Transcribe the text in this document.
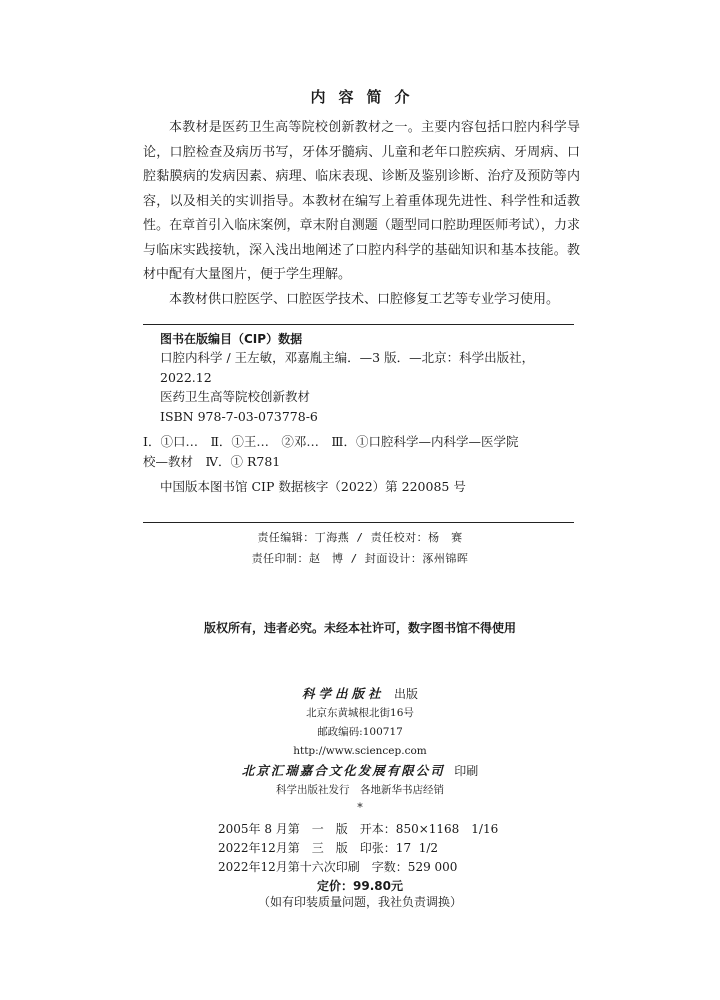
内容简介

本教材是医药卫生高等院校创新教材之一。主要内容包括口腔内科学导论，口腔检查及病历书写，牙体牙髓病、儿童和老年口腔疾病、牙周病、口腔黏膜病的发病因素、病理、临床表现、诊断及鉴别诊断、治疗及预防等内容，以及相关的实训指导。本教材在编写上着重体现先进性、科学性和适教性。在章首引入临床案例，章末附自测题（题型同口腔助理医师考试），力求与临床实践接轨，深入浅出地阐述了口腔内科学的基础知识和基本技能。教材中配有大量图片，便于学生理解。

本教材供口腔医学、口腔医学技术、口腔修复工艺等专业学习使用。

图书在版编目（CIP）数据

口腔内科学 / 王左敏，邓嘉胤主编．—3 版．—北京：科学出版社，

2022.12

医药卫生高等院校创新教材

ISBN 978-7-03-073778-6

Ⅰ．①口…　Ⅱ．①王…　②邓…　Ⅲ．①口腔科学—内科学—医学院

校—教材　Ⅳ．① R781

中国版本图书馆 CIP 数据核字（2022）第 220085 号

责任编辑：丁海燕 / 责任校对：杨　赛
责任印制：赵　博 / 封面设计：涿州锦晖
版权所有，违者必究。未经本社许可，数字图书馆不得使用
科学出版社 出版
北京东黄城根北街16号
邮政编码:100717
http://www.sciencep.com
北京汇瑞嘉合文化发展有限公司 印刷
科学出版社发行　各地新华书店经销
*

2005年 8 月第　一　版　开本：850×1168　1/16

2022年12月第　三　版　印张：17  1/2

2022年12月第十六次印刷　字数：529 000

定价：99.80元
（如有印装质量问题，我社负责调换）
